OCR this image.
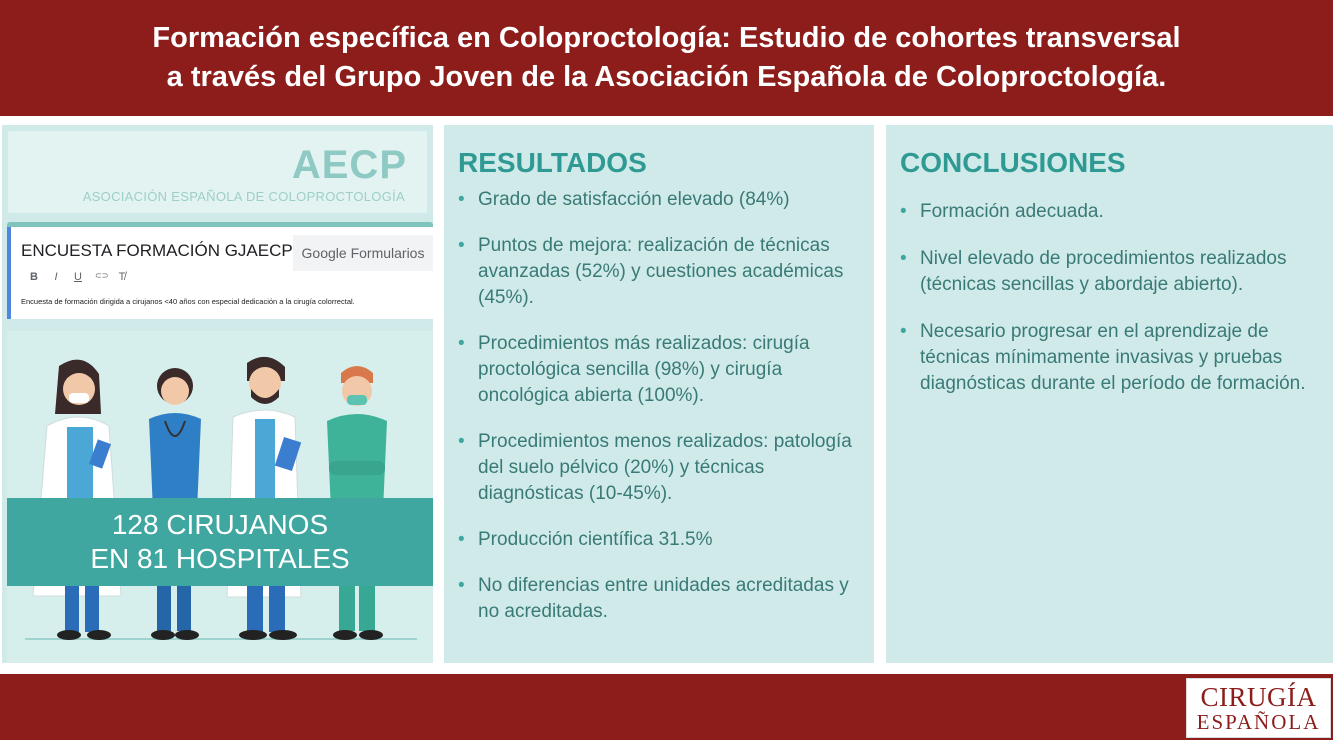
Formación específica en Coloproctología: Estudio de cohortes transversal
a través del Grupo Joven de la Asociación Española de Coloproctología.
AECP
ASOCIACIÓN ESPAÑOLA DE COLOPROCTOLOGÍA
ENCUESTA FORMACIÓN GJAECP Google Formularios
B	I	U ⊂⊃ T̸
Encuesta de formación dirigida a cirujanos <40 años con especial dedicación a la cirugía colorrectal.
128 CIRUJANOS
EN 81 HOSPITALES
RESULTADOS
• Grado de satisfacción elevado (84%)
• Puntos de mejora: realización de técnicas avanzadas (52%) y cuestiones académicas (45%).
• Procedimientos más realizados: cirugía proctológica sencilla (98%) y cirugía oncológica abierta (100%).
• Procedimientos menos realizados: patología del suelo pélvico (20%) y técnicas diagnósticas (10-45%).
• Producción científica 31.5%
• No diferencias entre unidades acreditadas y no acreditadas.
CONCLUSIONES
• Formación adecuada.
• Nivel elevado de procedimientos realizados (técnicas sencillas y abordaje abierto).
• Necesario progresar en el aprendizaje de técnicas mínimamente invasivas y pruebas diagnósticas durante el período de formación.
CIRUGÍA
ESPAÑOLA
